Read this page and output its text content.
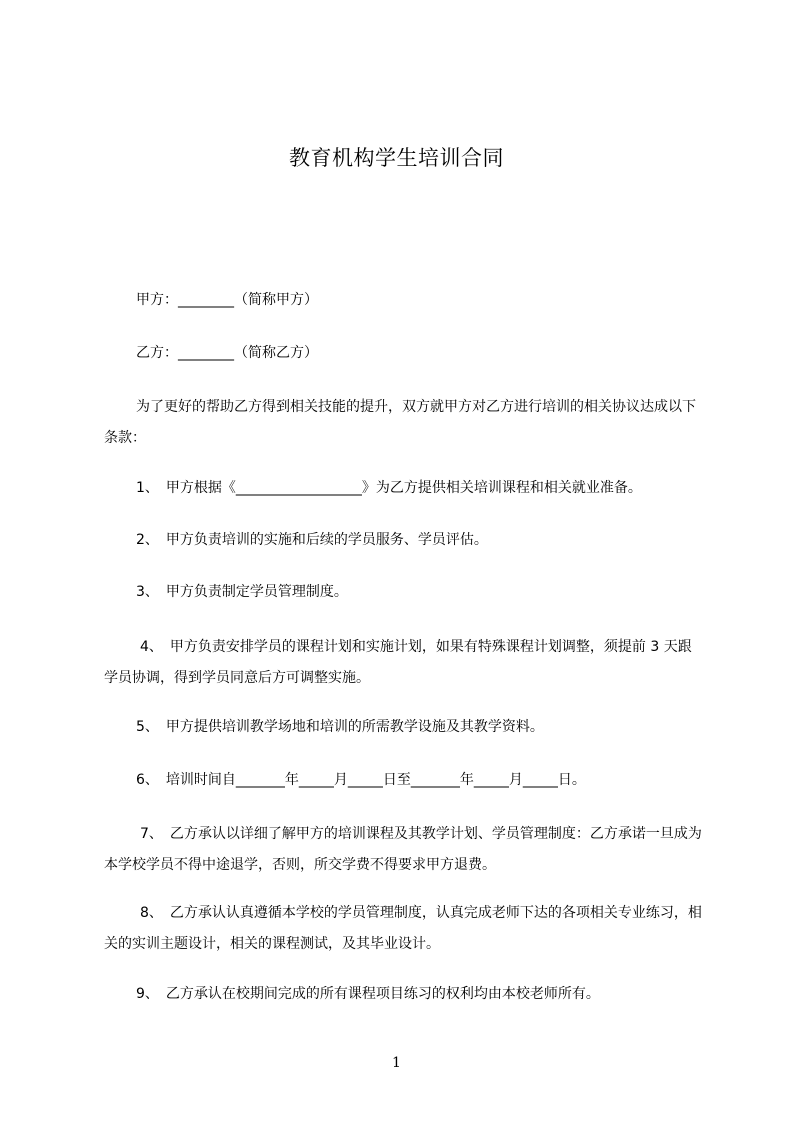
教育机构学生培训合同
甲方：________（简称甲方）
乙方：________（简称乙方）
为了更好的帮助乙方得到相关技能的提升，双方就甲方对乙方进行培训的相关协议达成以下条款：
1、　甲方根据《__________________》为乙方提供相关培训课程和相关就业准备。
2、　甲方负责培训的实施和后续的学员服务、学员评估。
3、　甲方负责制定学员管理制度。
4、　甲方负责安排学员的课程计划和实施计划，如果有特殊课程计划调整，须提前 3 天跟学员协调，得到学员同意后方可调整实施。
5、　甲方提供培训教学场地和培训的所需教学设施及其教学资料。
6、　培训时间自_______年_____月_____日至_______年_____月_____日。
7、　乙方承认以详细了解甲方的培训课程及其教学计划、学员管理制度：乙方承诺一旦成为本学校学员不得中途退学，否则，所交学费不得要求甲方退费。
8、　乙方承认认真遵循本学校的学员管理制度，认真完成老师下达的各项相关专业练习，相关的实训主题设计，相关的课程测试，及其毕业设计。
9、　乙方承认在校期间完成的所有课程项目练习的权利均由本校老师所有。
1
